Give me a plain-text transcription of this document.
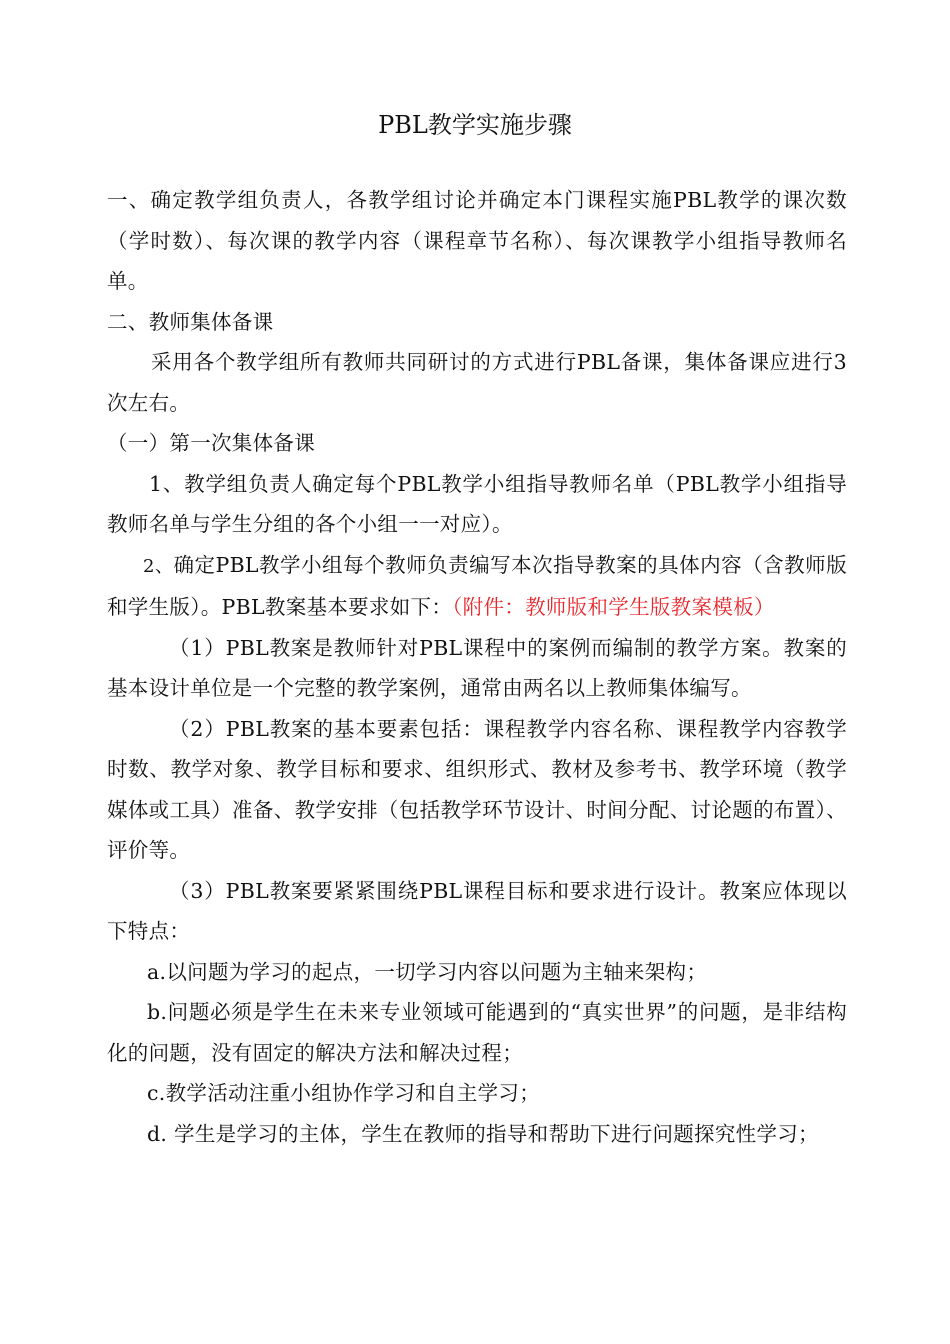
PBL教学实施步骤

一、确定教学组负责人，各教学组讨论并确定本门课程实施PBL教学的课次数（学时数）、每次课的教学内容（课程章节名称）、每次课教学小组指导教师名单。

二、教师集体备课

采用各个教学组所有教师共同研讨的方式进行PBL备课，集体备课应进行3次左右。

（一）第一次集体备课

1、教学组负责人确定每个PBL教学小组指导教师名单（PBL教学小组指导教师名单与学生分组的各个小组一一对应）。

2、确定PBL教学小组每个教师负责编写本次指导教案的具体内容（含教师版和学生版）。PBL教案基本要求如下：（附件：教师版和学生版教案模板）

（1）PBL教案是教师针对PBL课程中的案例而编制的教学方案。教案的基本设计单位是一个完整的教学案例，通常由两名以上教师集体编写。

（2）PBL教案的基本要素包括：课程教学内容名称、课程教学内容教学时数、教学对象、教学目标和要求、组织形式、教材及参考书、教学环境（教学媒体或工具）准备、教学安排（包括教学环节设计、时间分配、讨论题的布置）、评价等。

（3）PBL教案要紧紧围绕PBL课程目标和要求进行设计。教案应体现以下特点：

a.以问题为学习的起点，一切学习内容以问题为主轴来架构；

b.问题必须是学生在未来专业领域可能遇到的“真实世界”的问题，是非结构化的问题，没有固定的解决方法和解决过程；

c.教学活动注重小组协作学习和自主学习；

d. 学生是学习的主体，学生在教师的指导和帮助下进行问题探究性学习；
